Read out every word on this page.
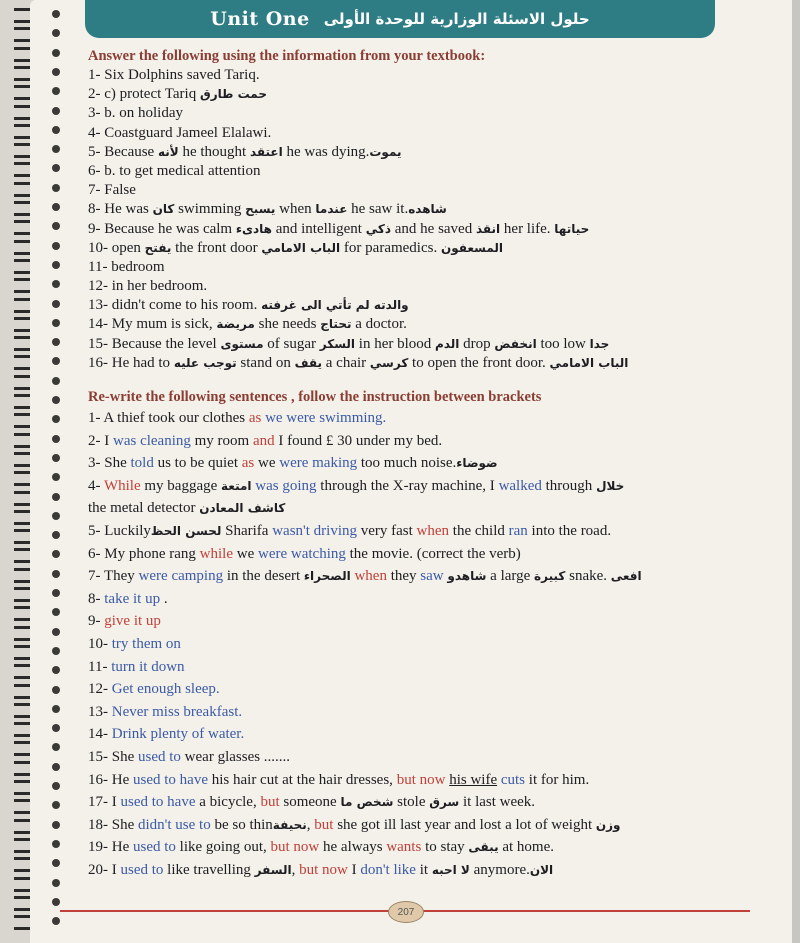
Unit One حلول الاسئلة الوزارية للوحدة الأولى
Answer the following using the information from your textbook:
1- Six Dolphins saved Tariq.
2- c) protect Tariq حمت طارق
3- b. on holiday
4- Coastguard Jameel Elalawi.
5- Because لأنه he thought اعتقد he was dying.يموت
6- b. to get medical attention
7- False
8- He was كان swimming يسبح when عندما he saw it.شاهده
9- Because he was calm هادىء and intelligent ذكي and he saved انقذ her life. حياتها
10- open يفتح the front door الباب الامامي for paramedics. المسعفون
11- bedroom
12- in her bedroom.
13- didn't come to his room. والدته لم تأتي الى غرفته
14- My mum is sick, مريضة she needs تحتاج a doctor.
15- Because the level مستوى of sugar السكر in her blood الدم drop انخفض too low جدا
16- He had to توجب عليه stand on يقف a chair كرسي to open the front door. الباب الامامي
Re-write the following sentences , follow the instruction between brackets
1- A thief took our clothes as we were swimming.
2- I was cleaning my room and I found £ 30 under my bed.
3- She told us to be quiet as we were making too much noise.ضوضاء
4- While my baggage امتعة was going through the X-ray machine, I walked through خلال
the metal detector كاشف المعادن
5- Luckilyلحسن الحظ Sharifa wasn't driving very fast when the child ran into the road.
6- My phone rang while we were watching the movie. (correct the verb)
7- They were camping in the desert الصحراء when they saw شاهدو a large كبيرة snake. افعى
8- take it up .
9- give it up
10- try them on
11- turn it down
12- Get enough sleep.
13- Never miss breakfast.
14- Drink plenty of water.
15- She used to wear glasses .......
16- He used to have his hair cut at the hair dresses, but now his wife cuts it for him.
17- I used to have a bicycle, but someone شخص ما stole سرق it last week.
18- She didn't use to be so thinنحيفة, but she got ill last year and lost a lot of weight وزن
19- He used to like going out, but now he always wants to stay يبقى at home.
20- I used to like travelling السفر, but now I don't like it لا احبه anymore.الان
207
